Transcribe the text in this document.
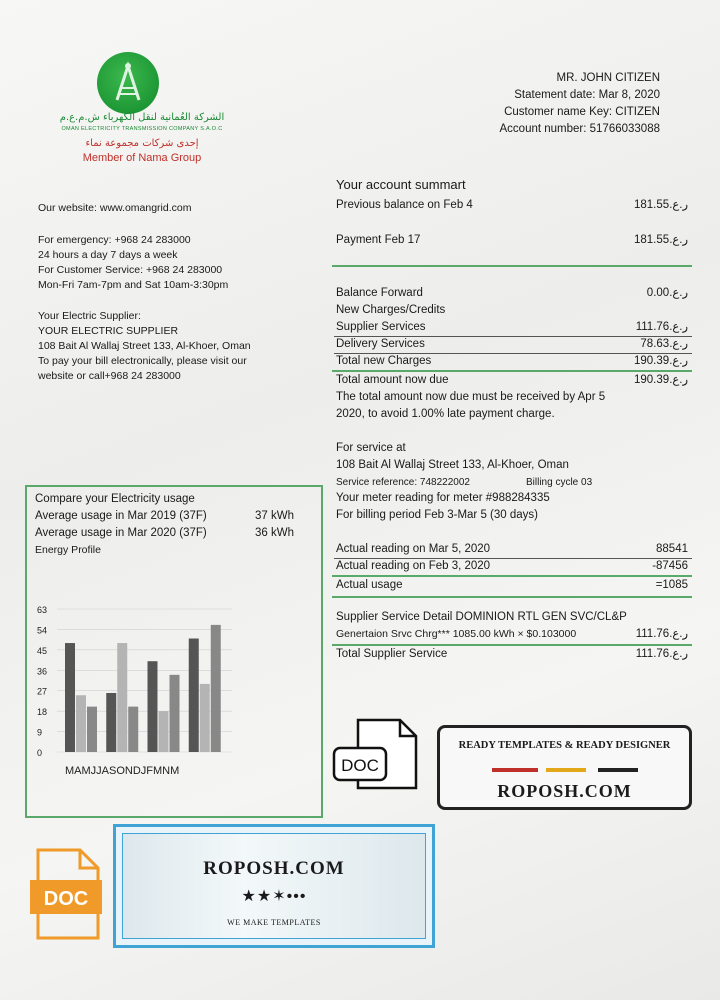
الشركة العُمانية لنقل الكهرباء ش.م.ع.م
OMAN ELECTRICITY TRANSMISSION COMPANY S.A.O.C
إحدى شركات مجموعة نماء
Member of Nama Group
MR. JOHN CITIZEN
Statement date: Mar 8, 2020
Customer name Key: CITIZEN
Account number: 51766033088
Our website: www.omangrid.com
For emergency: +968 24 283000
24 hours a day 7 days a week
For Customer Service: +968 24 283000
Mon-Fri 7am-7pm and Sat 10am-3:30pm
Your Electric Supplier:
YOUR ELECTRIC SUPPLIER
108 Bait Al Wallaj Street 133, Al-Khoer, Oman
To pay your bill electronically, please visit our
website or call+968 24 283000
Your account summart
Previous balance on Feb 4	ر.ع.181.55
Payment Feb 17	ر.ع.181.55
Balance Forward	ر.ع.0.00
New Charges/Credits
Supplier Services	ر.ع.111.76
Delivery Services	ر.ع.78.63
Total new Charges	ر.ع.190.39
Total amount now due	ر.ع.190.39
The total amount now due must be received by Apr 5
2020, to avoid 1.00% late payment charge.
For service at
108 Bait Al Wallaj Street 133, Al-Khoer, Oman
Service reference: 748222002	Billing cycle 03
Your meter reading for meter #988284335
For billing period Feb 3-Mar 5 (30 days)
Actual reading on Mar 5, 2020	88541
Actual reading on Feb 3, 2020	-87456
Actual usage	=1085
Supplier Service Detail DOMINION RTL GEN SVC/CL&P
Genertaion Srvc Chrg*** 1085.00 kWh × $0.103000	ر.ع.111.76
Total Supplier Service	ر.ع.111.76
Compare your Electricity usage
Average usage in Mar 2019 (37F)	37 kWh
Average usage in Mar 2020 (37F)	36 kWh
Energy Profile
0
9
18
27
36
45
54
63
MAMJJASONDJFMNM	DOC
READY TEMPLATES & READY DESIGNER
ROPOSH.COM
DOC
ROPOSH.COM
★★✶•••
WE MAKE TEMPLATES
